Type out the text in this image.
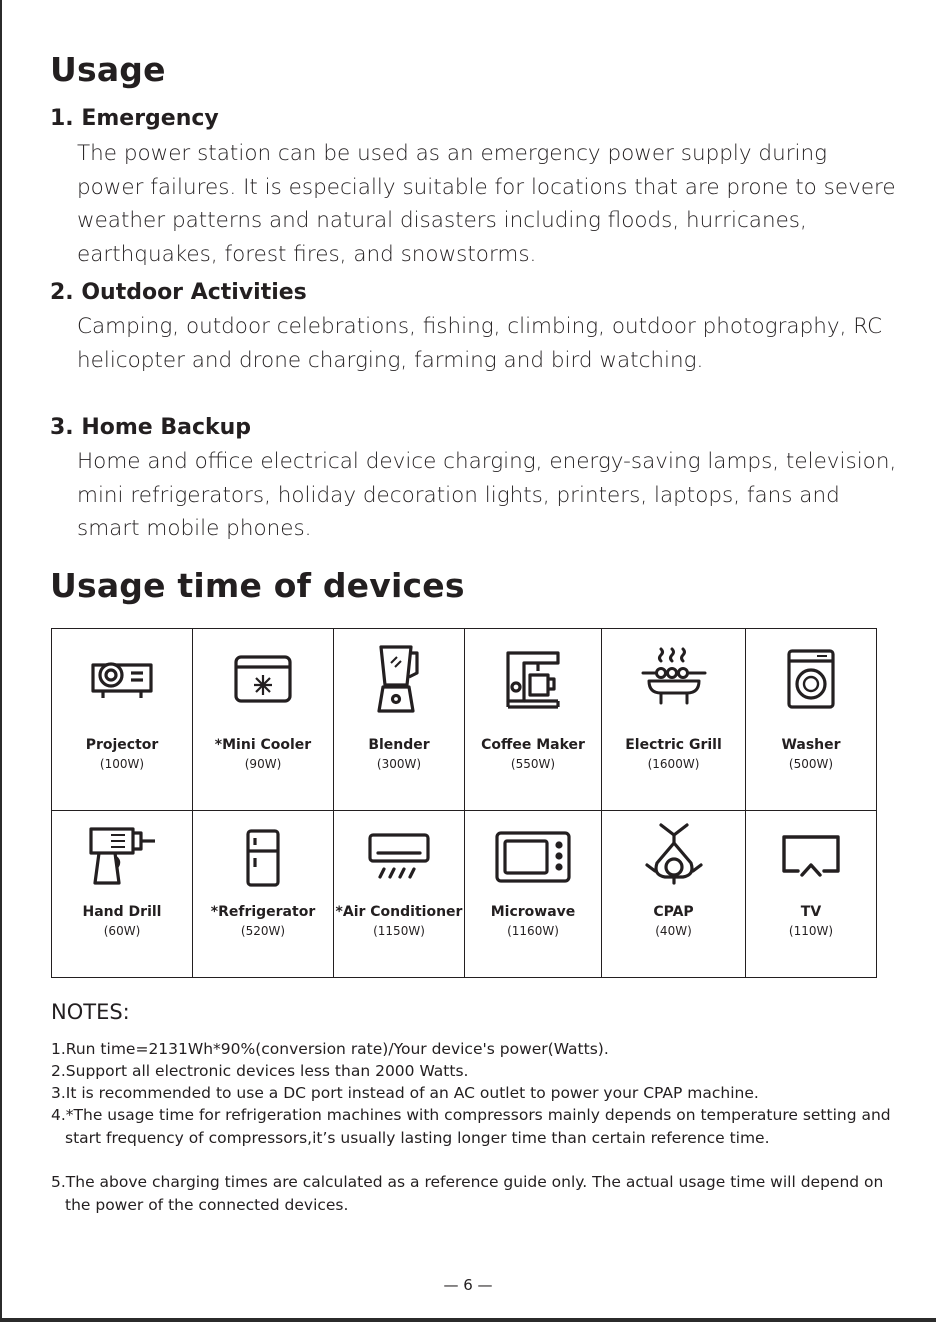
Usage
1. Emergency

The power station can be used as an emergency power supply during power failures. It is especially suitable for locations that are prone to severe weather patterns and natural disasters including floods, hurricanes, earthquakes, forest fires, and snowstorms.

2. Outdoor Activities

Camping, outdoor celebrations, fishing, climbing, outdoor photography, RC helicopter and drone charging, farming and bird watching.

3. Home Backup

Home and office electrical device charging, energy-saving lamps, television, mini refrigerators, holiday decoration lights, printers, laptops, fans and smart mobile phones.

Usage time of devices
Projector
(100W)
*Mini Cooler
(90W)
Blender
(300W)
Coffee Maker
(550W)
Electric Grill
(1600W)
Washer
(500W)
Hand Drill
(60W)
*Refrigerator
(520W)
*Air Conditioner
(1150W)
Microwave
(1160W)
CPAP
(40W)
TV
(110W)
NOTES:

1.Run time=2131Wh*90%(conversion rate)/Your device's power(Watts).

2.Support all electronic devices less than 2000 Watts.

3.It is recommended to use a DC port instead of an AC outlet to power your CPAP machine.

4.*The usage time for refrigeration machines with compressors mainly depends on temperature setting and start frequency of compressors,it’s usually lasting longer time than certain reference time.

5.The above charging times are calculated as a reference guide only. The actual usage time will depend on the power of the connected devices.

— 6 —
